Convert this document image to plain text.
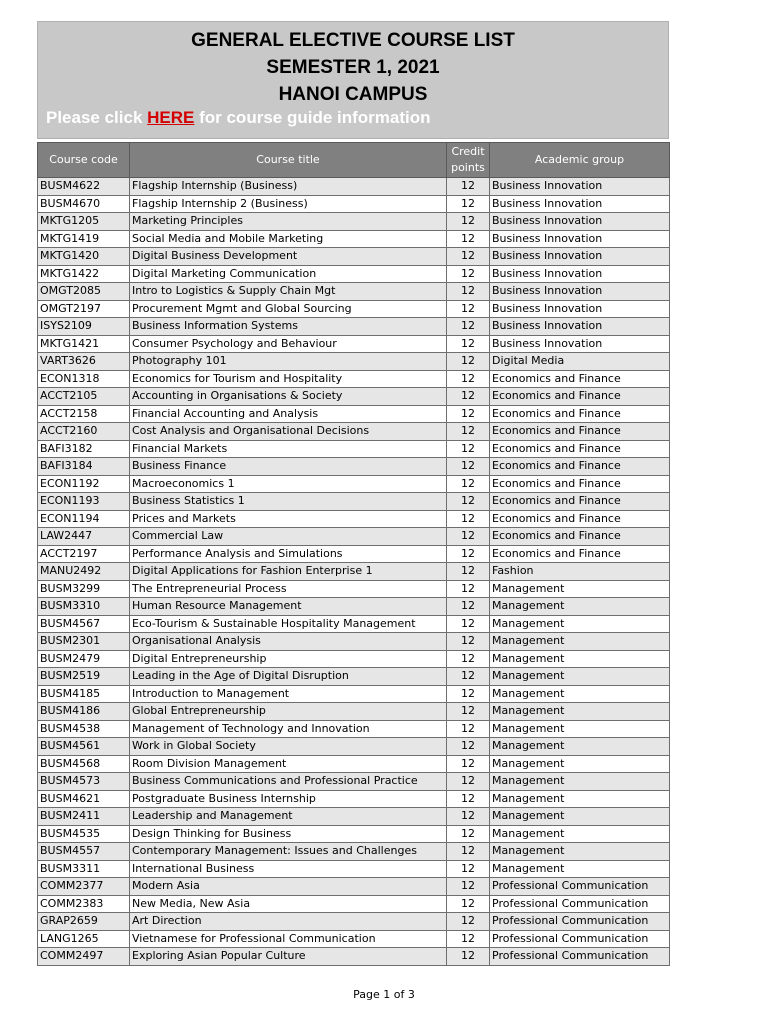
GENERAL ELECTIVE COURSE LIST
SEMESTER 1, 2021
HANOI CAMPUS
Please click HERE for course guide information
Course code	Course title	Credit points	Academic group
BUSM4622	Flagship Internship (Business)	12	Business Innovation
BUSM4670	Flagship Internship 2 (Business)	12	Business Innovation
MKTG1205	Marketing Principles	12	Business Innovation
MKTG1419	Social Media and Mobile Marketing	12	Business Innovation
MKTG1420	Digital Business Development	12	Business Innovation
MKTG1422	Digital Marketing Communication	12	Business Innovation
OMGT2085	Intro to Logistics & Supply Chain Mgt	12	Business Innovation
OMGT2197	Procurement Mgmt and Global Sourcing	12	Business Innovation
ISYS2109	Business Information Systems	12	Business Innovation
MKTG1421	Consumer Psychology and Behaviour	12	Business Innovation
VART3626	Photography 101	12	Digital Media
ECON1318	Economics for Tourism and Hospitality	12	Economics and Finance
ACCT2105	Accounting in Organisations & Society	12	Economics and Finance
ACCT2158	Financial Accounting and Analysis	12	Economics and Finance
ACCT2160	Cost Analysis and Organisational Decisions	12	Economics and Finance
BAFI3182	Financial Markets	12	Economics and Finance
BAFI3184	Business Finance	12	Economics and Finance
ECON1192	Macroeconomics 1	12	Economics and Finance
ECON1193	Business Statistics 1	12	Economics and Finance
ECON1194	Prices and Markets	12	Economics and Finance
LAW2447	Commercial Law	12	Economics and Finance
ACCT2197	Performance Analysis and Simulations	12	Economics and Finance
MANU2492	Digital Applications for Fashion Enterprise 1	12	Fashion
BUSM3299	The Entrepreneurial Process	12	Management
BUSM3310	Human Resource Management	12	Management
BUSM4567	Eco-Tourism & Sustainable Hospitality Management	12	Management
BUSM2301	Organisational Analysis	12	Management
BUSM2479	Digital Entrepreneurship	12	Management
BUSM2519	Leading in the Age of Digital Disruption	12	Management
BUSM4185	Introduction to Management	12	Management
BUSM4186	Global Entrepreneurship	12	Management
BUSM4538	Management of Technology and Innovation	12	Management
BUSM4561	Work in Global Society	12	Management
BUSM4568	Room Division Management	12	Management
BUSM4573	Business Communications and Professional Practice	12	Management
BUSM4621	Postgraduate Business Internship	12	Management
BUSM2411	Leadership and Management	12	Management
BUSM4535	Design Thinking for Business	12	Management
BUSM4557	Contemporary Management: Issues and Challenges	12	Management
BUSM3311	International Business	12	Management
COMM2377	Modern Asia	12	Professional Communication
COMM2383	New Media, New Asia	12	Professional Communication
GRAP2659	Art Direction	12	Professional Communication
LANG1265	Vietnamese for Professional Communication	12	Professional Communication
COMM2497	Exploring Asian Popular Culture	12	Professional Communication
Page 1 of 3
